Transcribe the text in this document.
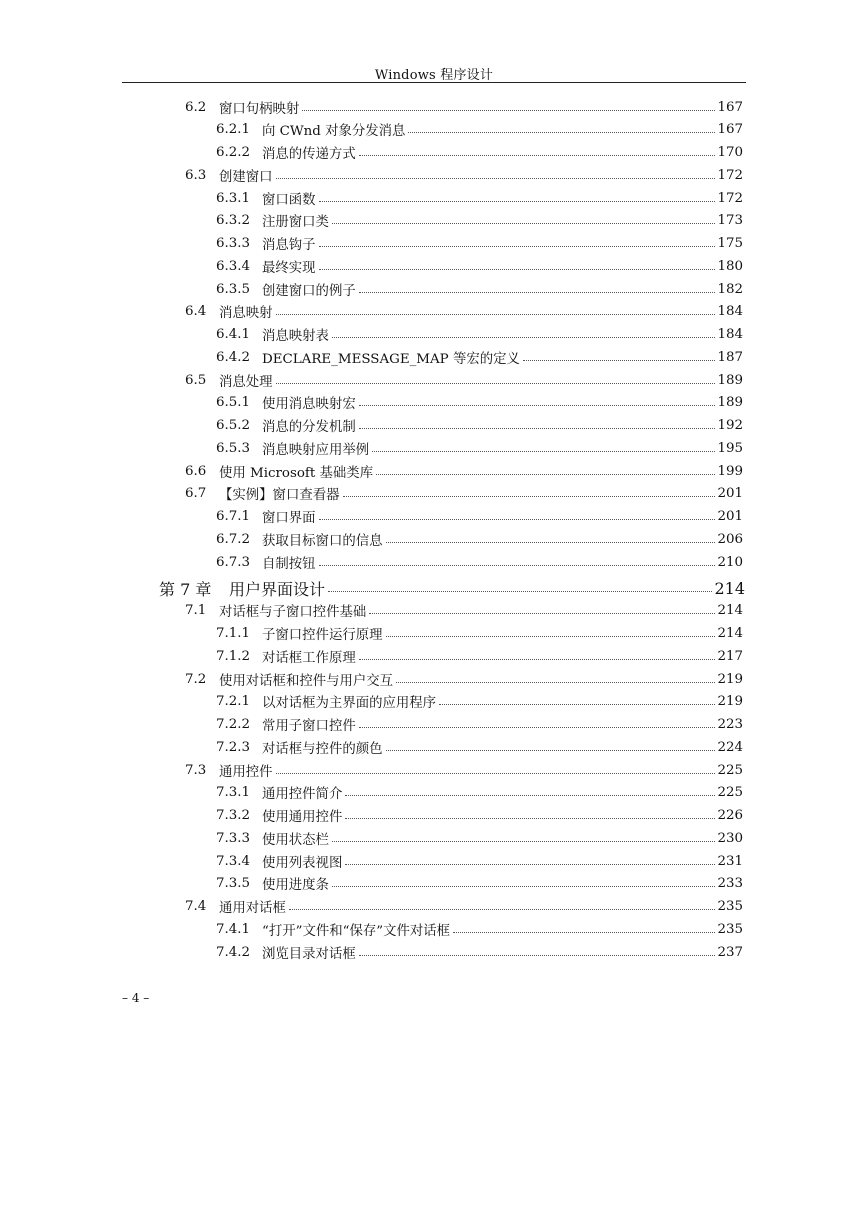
Windows 程序设计
6.2 窗口句柄映射	167
6.2.1 向 CWnd 对象分发消息	167
6.2.2 消息的传递方式	170
6.3 创建窗口	172
6.3.1 窗口函数	172
6.3.2 注册窗口类	173
6.3.3 消息钩子	175
6.3.4 最终实现	180
6.3.5 创建窗口的例子	182
6.4 消息映射	184
6.4.1 消息映射表	184
6.4.2 DECLARE_MESSAGE_MAP 等宏的定义	187
6.5 消息处理	189
6.5.1 使用消息映射宏	189
6.5.2 消息的分发机制	192
6.5.3 消息映射应用举例	195
6.6 使用 Microsoft 基础类库	199
6.7 【实例】窗口查看器	201
6.7.1 窗口界面	201
6.7.2 获取目标窗口的信息	206
6.7.3 自制按钮	210
第 7 章	用户界面设计	214
7.1 对话框与子窗口控件基础	214
7.1.1 子窗口控件运行原理	214
7.1.2 对话框工作原理	217
7.2 使用对话框和控件与用户交互	219
7.2.1 以对话框为主界面的应用程序	219
7.2.2 常用子窗口控件	223
7.2.3 对话框与控件的颜色	224
7.3 通用控件	225
7.3.1 通用控件简介	225
7.3.2 使用通用控件	226
7.3.3 使用状态栏	230
7.3.4 使用列表视图	231
7.3.5 使用进度条	233
7.4 通用对话框	235
7.4.1 “打开”文件和“保存”文件对话框	235
7.4.2 浏览目录对话框	237
– 4 –
